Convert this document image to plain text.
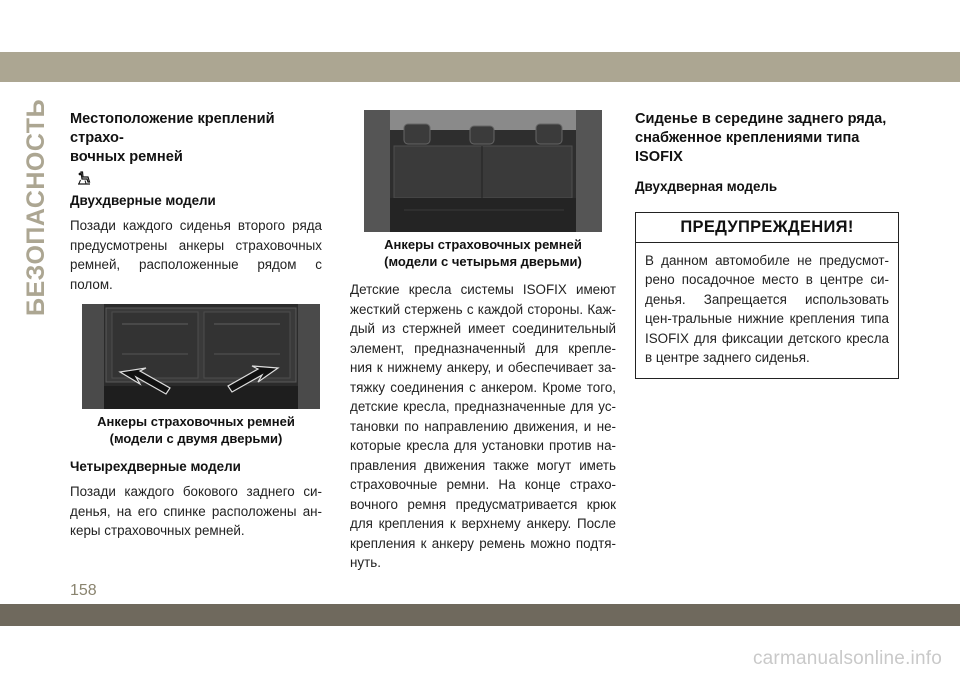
БЕЗОПАСНОСТЬ Местоположение креплений страхо-
вочных ремней
Двухдверные модели

Позади каждого сиденья второго ряда предусмотрены анкеры страховочных ремней, расположенные рядом с полом.

Анкеры страховочных ремней
(модели с двумя дверьми)
Четырехдверные модели

Позади каждого бокового заднего си-денья, на его спинке расположены ан-керы страховочных ремней.

Анкеры страховочных ремней
(модели с четырьмя дверьми)

Детские кресла системы ISOFIX имеют жесткий стержень с каждой стороны. Каж-дый из стержней имеет соединительный элемент, предназначенный для крепле-ния к нижнему анкеру, и обеспечивает за-тяжку соединения с анкером. Кроме того, детские кресла, предназначенные для ус-тановки по направлению движения, и не-которые кресла для установки против на-правления движения также могут иметь страховочные ремни. На конце страхо-вочного ремня предусматривается крюк для крепления к верхнему анкеру. После крепления к анкеру ремень можно подтя-нуть.

Сиденье в середине заднего ряда,
снабженное креплениями типа
ISOFIX
Двухдверная модель
ПРЕДУПРЕЖДЕНИЯ!
В данном автомобиле не предусмот-рено посадочное место в центре си-денья. Запрещается использовать цен-тральные нижние крепления типа ISOFIX для фиксации детского кресла в центре заднего сиденья.
158
carmanualsonline.info
